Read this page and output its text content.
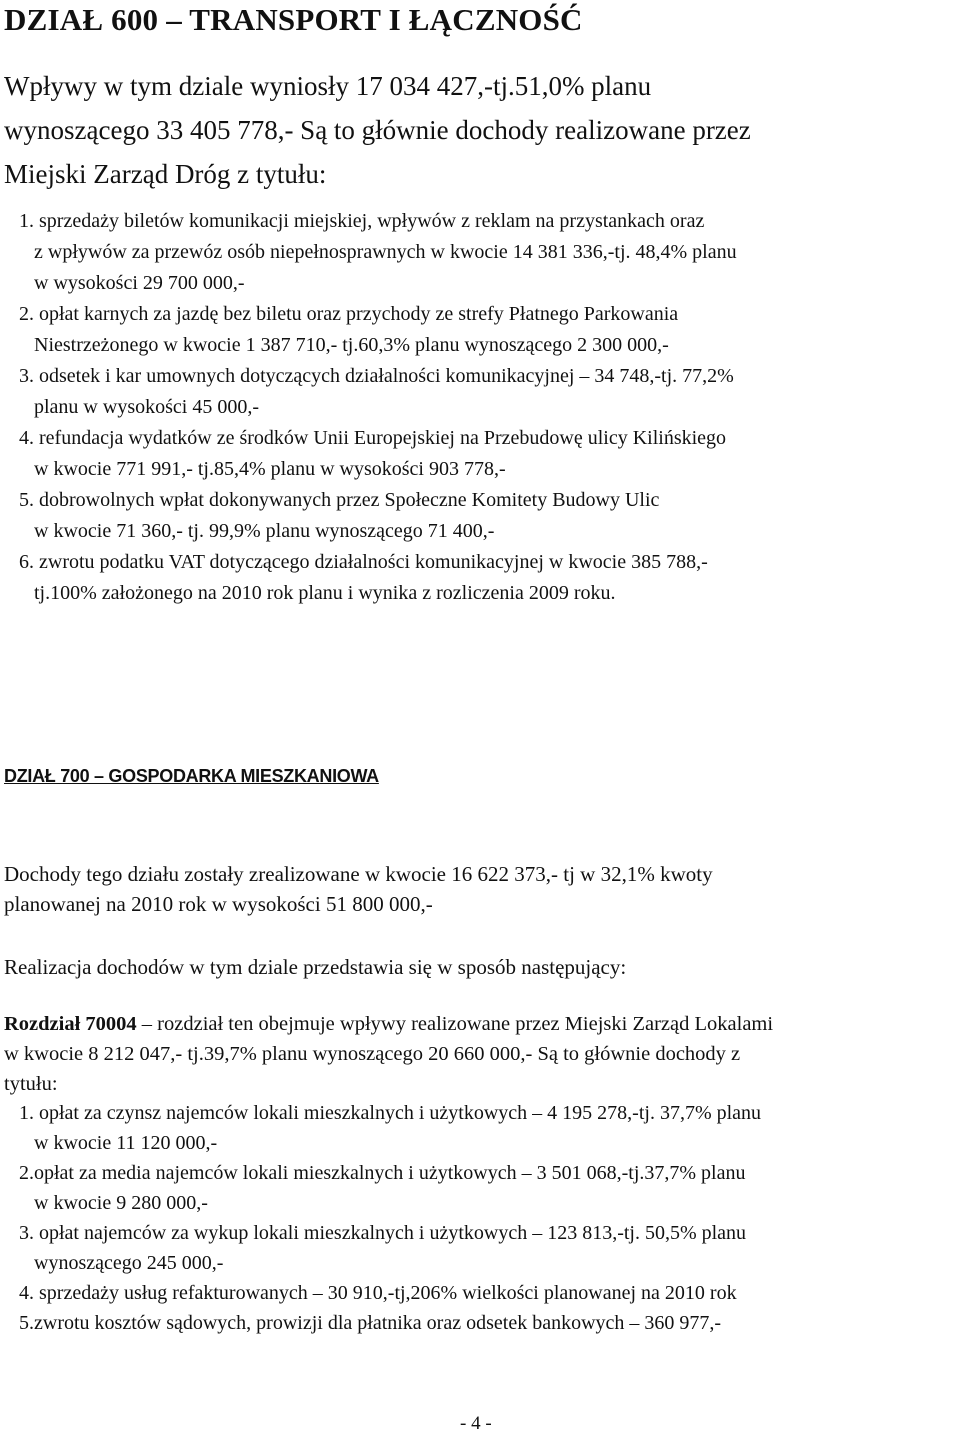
DZIAŁ 600 – TRANSPORT I ŁĄCZNOŚĆ
Wpływy w tym dziale wyniosły 17 034 427,-tj.51,0% planu
wynoszącego 33 405 778,- Są to głównie dochody realizowane przez
Miejski Zarząd Dróg z tytułu:
1. sprzedaży biletów komunikacji miejskiej, wpływów z reklam na przystankach oraz
z wpływów za przewóz osób niepełnosprawnych w kwocie 14 381 336,-tj. 48,4% planu
w wysokości 29 700 000,-
2. opłat karnych za jazdę bez biletu oraz przychody ze strefy Płatnego Parkowania
Niestrzeżonego w kwocie 1 387 710,- tj.60,3% planu wynoszącego 2 300 000,-
3. odsetek i kar umownych dotyczących działalności komunikacyjnej – 34 748,-tj. 77,2%
planu w wysokości 45 000,-
4. refundacja wydatków ze środków Unii Europejskiej na Przebudowę ulicy Kilińskiego
w kwocie 771 991,- tj.85,4% planu w wysokości 903 778,-
5. dobrowolnych wpłat dokonywanych przez Społeczne Komitety Budowy Ulic
w kwocie 71 360,- tj. 99,9% planu wynoszącego 71 400,-
6. zwrotu podatku VAT dotyczącego działalności komunikacyjnej w kwocie 385 788,-
tj.100% założonego na 2010 rok planu i wynika z rozliczenia 2009 roku.
DZIAŁ 700 – GOSPODARKA MIESZKANIOWA
Dochody tego działu zostały zrealizowane w kwocie 16 622 373,- tj w 32,1% kwoty
planowanej na 2010 rok w wysokości 51 800 000,-
Realizacja dochodów w tym dziale przedstawia się w sposób następujący:
Rozdział 70004 – rozdział ten obejmuje wpływy realizowane przez Miejski Zarząd Lokalami
w kwocie 8 212 047,- tj.39,7% planu wynoszącego 20 660 000,- Są to głównie dochody z
tytułu:
1. opłat za czynsz najemców lokali mieszkalnych i użytkowych – 4 195 278,-tj. 37,7% planu
w kwocie 11 120 000,-
2.opłat za media najemców lokali mieszkalnych i użytkowych – 3 501 068,-tj.37,7% planu
w kwocie 9 280 000,-
3. opłat najemców za wykup lokali mieszkalnych i użytkowych – 123 813,-tj. 50,5% planu
wynoszącego 245 000,-
4. sprzedaży usług refakturowanych – 30 910,-tj,206% wielkości planowanej na 2010 rok
5.zwrotu kosztów sądowych, prowizji dla płatnika oraz odsetek bankowych – 360 977,-
- 4 -
